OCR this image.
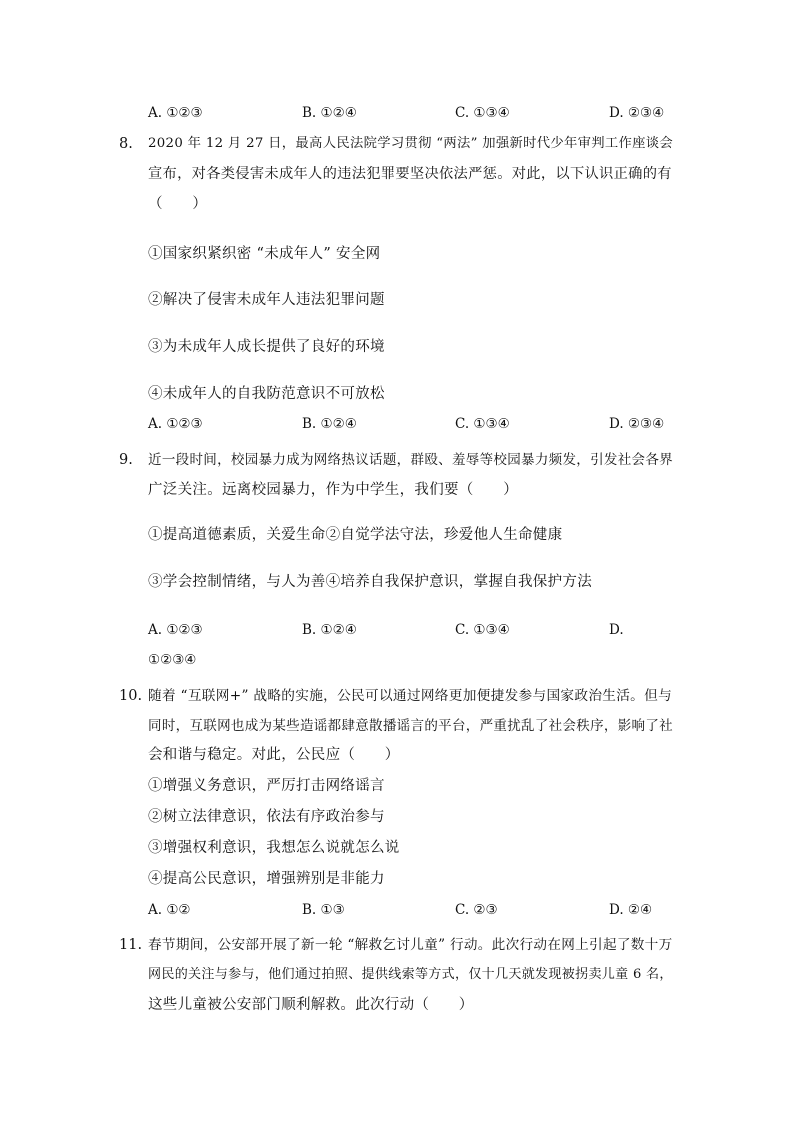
A. ①②③	B. ①②④	C. ①③④	D. ②③④
8. 2020 年 12 月 27 日，最高人民法院学习贯彻 “两法” 加强新时代少年审判工作座谈会
宣布，对各类侵害未成年人的违法犯罪要坚决依法严惩。对此，以下认识正确的有
（　　）
①国家织紧织密 “未成年人” 安全网
②解决了侵害未成年人违法犯罪问题
③为未成年人成长提供了良好的环境
④未成年人的自我防范意识不可放松
A. ①②③	B. ①②④	C. ①③④	D. ②③④
9. 近一段时间，校园暴力成为网络热议话题，群殴、羞辱等校园暴力频发，引发社会各界
广泛关注。远离校园暴力，作为中学生，我们要（　　）
①提高道德素质，关爱生命②自觉学法守法，珍爱他人生命健康
③学会控制情绪，与人为善④培养自我保护意识，掌握自我保护方法
A. ①②③	B. ①②④	C. ①③④	D.
①②③④
10. 随着 “互联网+” 战略的实施，公民可以通过网络更加便捷发参与国家政治生活。但与
同时，互联网也成为某些造谣都肆意散播谣言的平台，严重扰乱了社会秩序，影响了社
会和谐与稳定。对此，公民应（　　）
①增强义务意识，严厉打击网络谣言
②树立法律意识，依法有序政治参与
③增强权利意识，我想怎么说就怎么说
④提高公民意识，增强辨别是非能力
A. ①②	B. ①③	C. ②③	D. ②④
11. 春节期间，公安部开展了新一轮 “解救乞讨儿童” 行动。此次行动在网上引起了数十万
网民的关注与参与，他们通过拍照、提供线索等方式，仅十几天就发现被拐卖儿童 6 名，
这些儿童被公安部门顺利解救。此次行动（　　）
